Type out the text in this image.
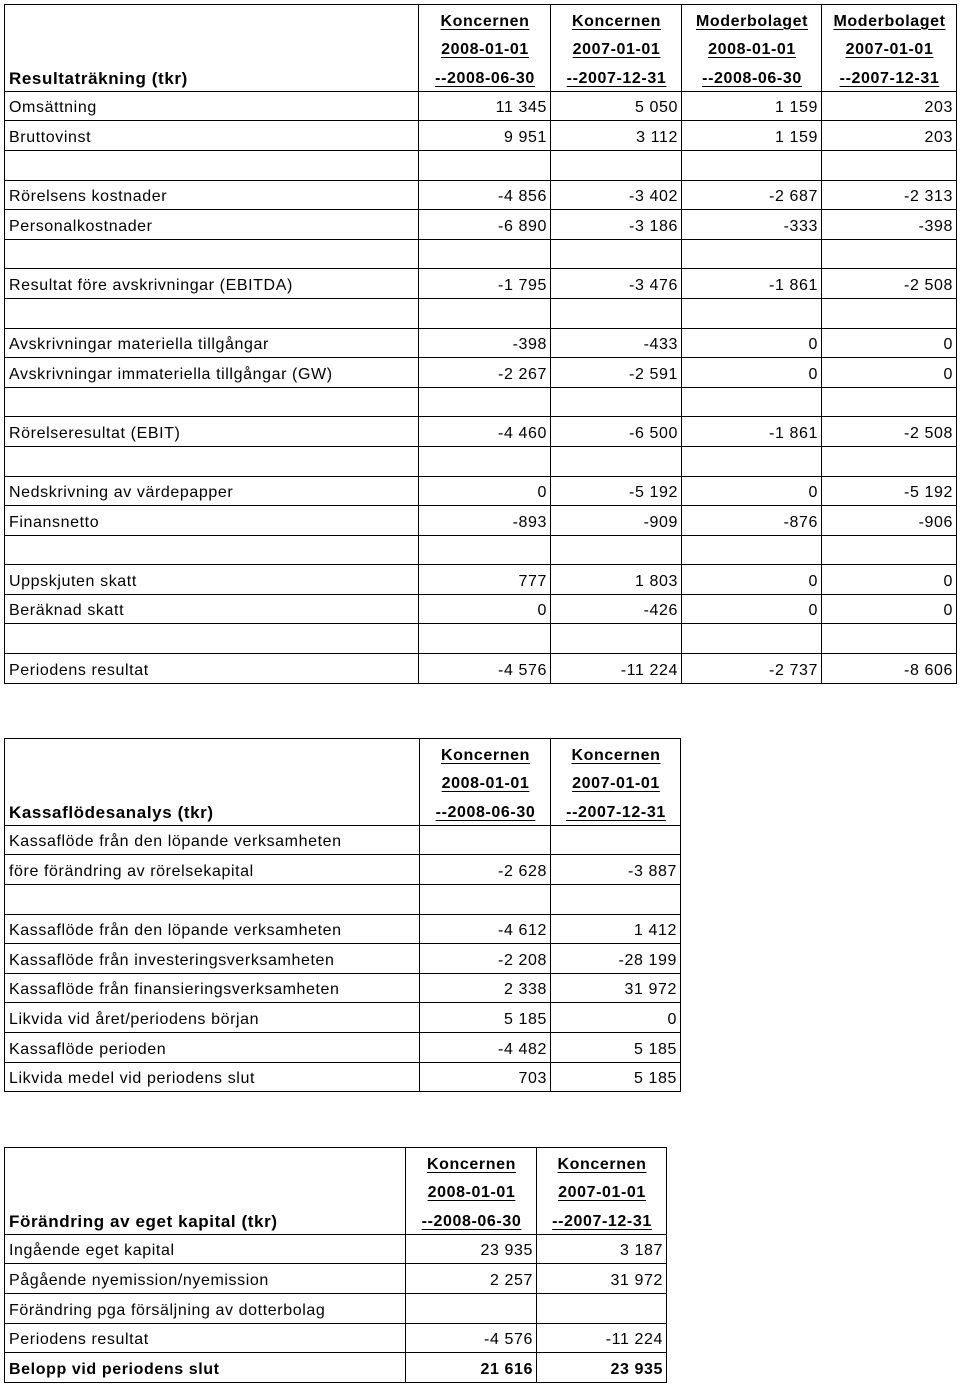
	Koncernen	Koncernen	Moderbolaget	Moderbolaget
	2008-01-01	2007-01-01	2008-01-01	2007-01-01
Resultaträkning (tkr)	--2008-06-30	--2007-12-31	--2008-06-30	--2007-12-31
Omsättning	11 345	5 050	1 159	203
Bruttovinst	9 951	3 112	1 159	203

Rörelsens kostnader	-4 856	-3 402	-2 687	-2 313
Personalkostnader	-6 890	-3 186	-333	-398

Resultat före avskrivningar (EBITDA)	-1 795	-3 476	-1 861	-2 508

Avskrivningar materiella tillgångar	-398	-433	0	0
Avskrivningar immateriella tillgångar (GW)	-2 267	-2 591	0	0

Rörelseresultat (EBIT)	-4 460	-6 500	-1 861	-2 508

Nedskrivning av värdepapper	0	-5 192	0	-5 192
Finansnetto	-893	-909	-876	-906

Uppskjuten skatt	777	1 803	0	0
Beräknad skatt	0	-426	0	0

Periodens resultat	-4 576	-11 224	-2 737	-8 606
	Koncernen	Koncernen
	2008-01-01	2007-01-01
Kassaflödesanalys (tkr)	--2008-06-30	--2007-12-31
Kassaflöde från den löpande verksamheten		
före förändring av rörelsekapital	-2 628	-3 887

Kassaflöde från den löpande verksamheten	-4 612	1 412
Kassaflöde från investeringsverksamheten	-2 208	-28 199
Kassaflöde från finansieringsverksamheten	2 338	31 972
Likvida vid året/periodens början	5 185	0
Kassaflöde perioden	-4 482	5 185
Likvida medel vid periodens slut	703	5 185
	Koncernen	Koncernen
	2008-01-01	2007-01-01
Förändring av eget kapital (tkr)	--2008-06-30	--2007-12-31
Ingående eget kapital	23 935	3 187
Pågående nyemission/nyemission	2 257	31 972
Förändring pga försäljning av dotterbolag		
Periodens resultat	-4 576	-11 224
Belopp vid periodens slut	21 616	23 935
